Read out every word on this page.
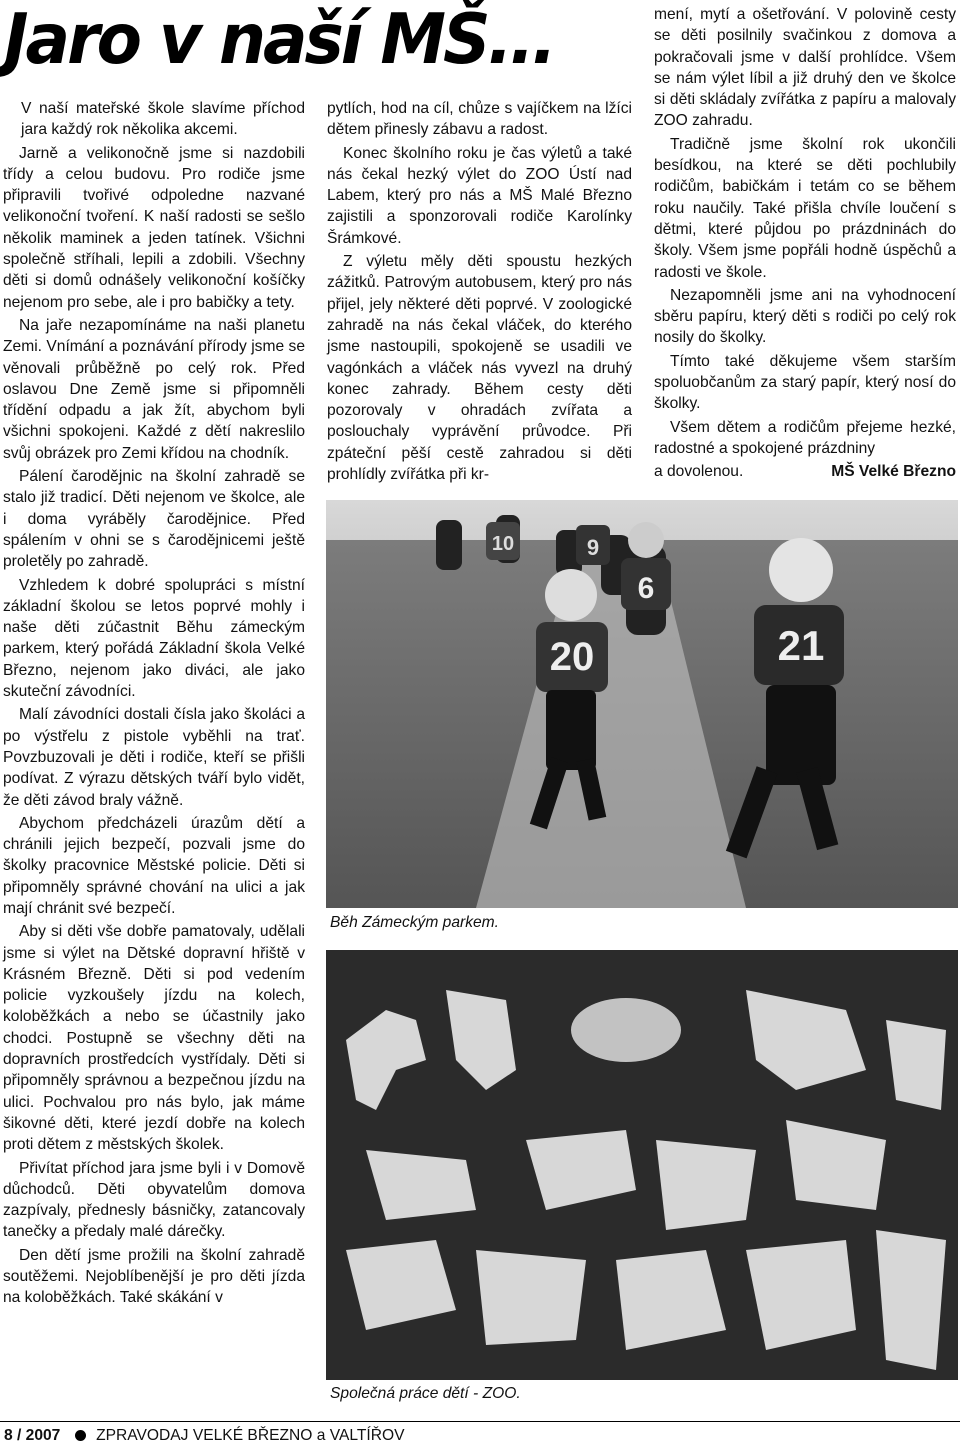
Jaro v naší MŠ...

V naší mateřské škole slavíme příchod jara každý rok několika akcemi.

Jarně a velikonočně jsme si nazdobili třídy a celou budovu. Pro rodiče jsme připravili tvořivé odpoledne nazvané velikonoční tvoření. K naší radosti se sešlo několik maminek a jeden tatínek. Všichni společně stříhali, lepili a zdobili. Všechny děti si domů odnášely velikonoční košíčky nejenom pro sebe, ale i pro babičky a tety.

Na jaře nezapomínáme na naši planetu Zemi. Vnímání a poznávání přírody jsme se věnovali průběžně po celý rok. Před oslavou Dne Země jsme si připomněli třídění odpadu a jak žít, abychom byli všichni spokojeni. Každé z dětí nakreslilo svůj obrázek pro Zemi křídou na chodník.

Pálení čarodějnic na školní zahradě se stalo již tradicí. Děti nejenom ve školce, ale i doma vyráběly čarodějnice. Před spálením v ohni se s čarodějnicemi ještě proletěly po zahradě.

Vzhledem k dobré spolupráci s místní základní školou se letos poprvé mohly i naše děti zúčastnit Běhu zámeckým parkem, který pořádá Základní škola Velké Březno, nejenom jako diváci, ale jako skuteční závodníci.

Malí závodníci dostali čísla jako školáci a po výstřelu z pistole vyběhli na trať. Povzbuzovali je děti i rodiče, kteří se přišli podívat. Z výrazu dětských tváří bylo vidět, že děti závod braly vážně.

Abychom předcházeli úrazům dětí a chránili jejich bezpečí, pozvali jsme do školky pracovnice Městské policie. Děti si připomněly správné chování na ulici a jak mají chránit své bezpečí.

Aby si děti vše dobře pamatovaly, udělali jsme si výlet na Dětské dopravní hřiště v Krásném Březně. Děti si pod vedením policie vyzkoušely jízdu na kolech, koloběžkách a nebo se účastnily jako chodci. Postupně se všechny děti na dopravních prostředcích vystřídaly. Děti si připomněly správnou a bezpečnou jízdu na ulici. Pochvalou pro nás bylo, jak máme šikovné děti, které jezdí dobře na kolech proti dětem z městských školek.

Přivítat příchod jara jsme byli i v Domově důchodců. Děti obyvatelům domova zazpívaly, přednesly básničky, zatancovaly tanečky a předaly malé dárečky.

Den dětí jsme prožili na školní zahradě soutěžemi. Nejoblíbenější je pro děti jízda na koloběžkách. Také skákání v

pytlích, hod na cíl, chůze s vajíčkem na lžíci dětem přinesly zábavu a radost.

Konec školního roku je čas výletů a také nás čekal hezký výlet do ZOO Ústí nad Labem, který pro nás a MŠ Malé Březno zajistili a sponzorovali rodiče Karolínky Šrámkové.

Z výletu měly děti spoustu hezkých zážitků. Patrovým autobusem, který pro nás přijel, jely některé děti poprvé. V zoologické zahradě na nás čekal vláček, do kterého jsme nastoupili, spokojeně se usadili ve vagónkách a vláček nás vyvezl na druhý konec zahrady. Během cesty děti pozorovaly v ohradách zvířata a poslouchaly vyprávění průvodce. Při zpáteční pěší cestě zahradou si děti prohlídly zvířátka při kr-

mení, mytí a ošetřování. V polovině cesty se děti posilnily svačinkou z domova a pokračovali jsme v další prohlídce. Všem se nám výlet líbil a již druhý den ve školce si děti skládaly zvířátka z papíru a malovaly ZOO zahradu.

Tradičně jsme školní rok ukončili besídkou, na které se děti pochlubily rodičům, babičkám i tetám co se během roku naučily. Také přišla chvíle loučení s dětmi, které půjdou po prázdninách do školy. Všem jsme popřáli hodně úspěchů a radosti ve škole.

Nezapomněli jsme ani na vyhodnocení sběru papíru, který děti s rodiči po celý rok nosily do školky.

Tímto také děkujeme všem starším spoluobčanům za starý papír, který nosí do školky.

Všem dětem a rodičům přejeme hezké, radostné a spokojené prázdniny

a dovolenou.	MŠ Velké Březno

20	21
6
9
10
Běh Zámeckým parkem.
Společná práce dětí - ZOO.
8 / 2007 ZPRAVODAJ VELKÉ BŘEZNO a VALTÍŘOV
